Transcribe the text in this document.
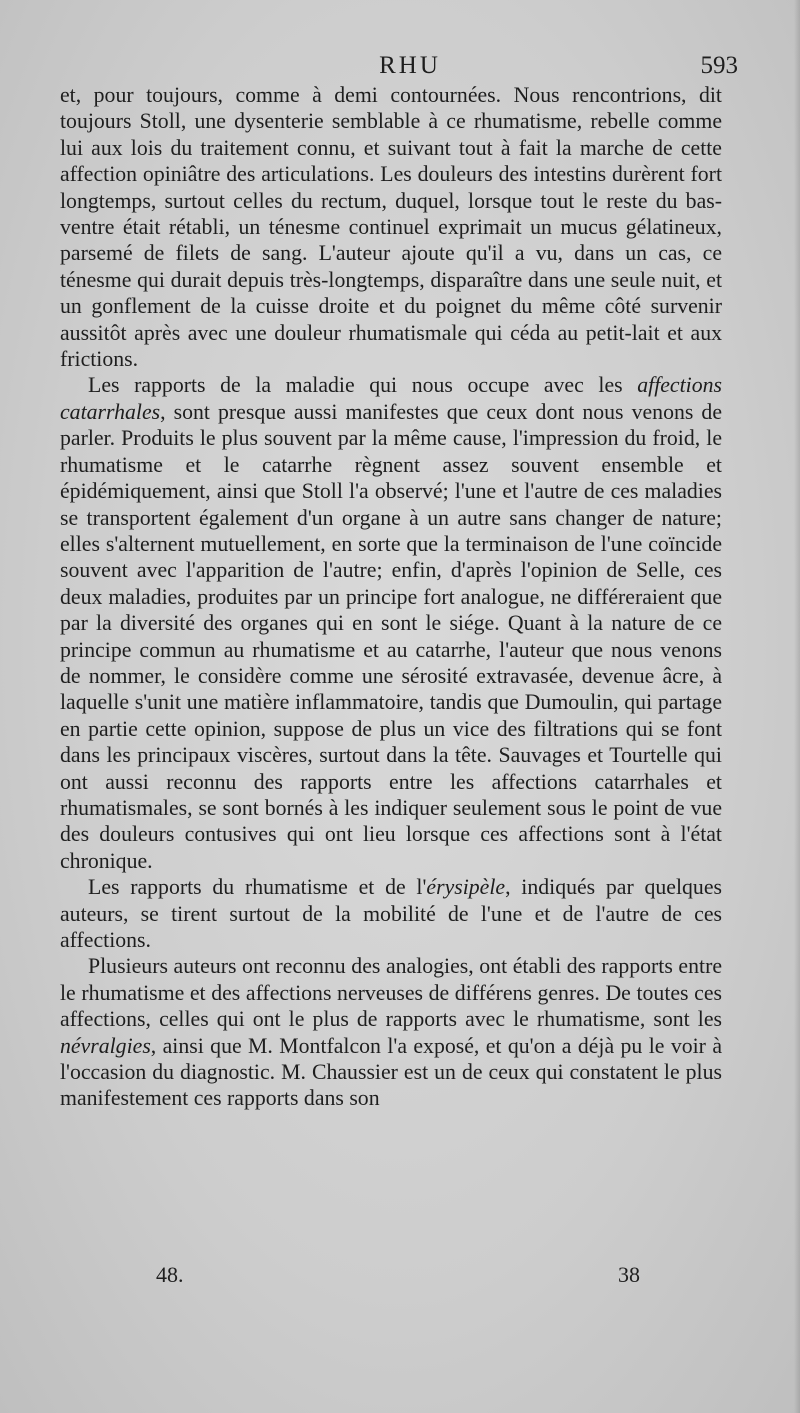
RHU	593

et, pour toujours, comme à demi contournées. Nous rencontrions, dit toujours Stoll, une dysenterie semblable à ce rhumatisme, rebelle comme lui aux lois du traitement connu, et suivant tout à fait la marche de cette affection opiniâtre des articulations. Les douleurs des intestins durèrent fort longtemps, surtout celles du rectum, duquel, lorsque tout le reste du bas-ventre était rétabli, un ténesme continuel exprimait un mucus gélatineux, parsemé de filets de sang. L'auteur ajoute qu'il a vu, dans un cas, ce ténesme qui durait depuis très-longtemps, disparaître dans une seule nuit, et un gonflement de la cuisse droite et du poignet du même côté survenir aussitôt après avec une douleur rhumatismale qui céda au petit-lait et aux frictions.

Les rapports de la maladie qui nous occupe avec les affections catarrhales, sont presque aussi manifestes que ceux dont nous venons de parler. Produits le plus souvent par la même cause, l'impression du froid, le rhumatisme et le catarrhe règnent assez souvent ensemble et épidémiquement, ainsi que Stoll l'a observé; l'une et l'autre de ces maladies se transportent également d'un organe à un autre sans changer de nature; elles s'alternent mutuellement, en sorte que la terminaison de l'une coïncide souvent avec l'apparition de l'autre; enfin, d'après l'opinion de Selle, ces deux maladies, produites par un principe fort analogue, ne différeraient que par la diversité des organes qui en sont le siége. Quant à la nature de ce principe commun au rhumatisme et au catarrhe, l'auteur que nous venons de nommer, le considère comme une sérosité extravasée, devenue âcre, à laquelle s'unit une matière inflammatoire, tandis que Dumoulin, qui partage en partie cette opinion, suppose de plus un vice des filtrations qui se font dans les principaux viscères, surtout dans la tête. Sauvages et Tourtelle qui ont aussi reconnu des rapports entre les affections catarrhales et rhumatismales, se sont bornés à les indiquer seulement sous le point de vue des douleurs contusives qui ont lieu lorsque ces affections sont à l'état chronique.

Les rapports du rhumatisme et de l'érysipèle, indiqués par quelques auteurs, se tirent surtout de la mobilité de l'une et de l'autre de ces affections.

Plusieurs auteurs ont reconnu des analogies, ont établi des rapports entre le rhumatisme et des affections nerveuses de différens genres. De toutes ces affections, celles qui ont le plus de rapports avec le rhumatisme, sont les névralgies, ainsi que M. Montfalcon l'a exposé, et qu'on a déjà pu le voir à l'occasion du diagnostic. M. Chaussier est un de ceux qui constatent le plus manifestement ces rapports dans son

48.	38
